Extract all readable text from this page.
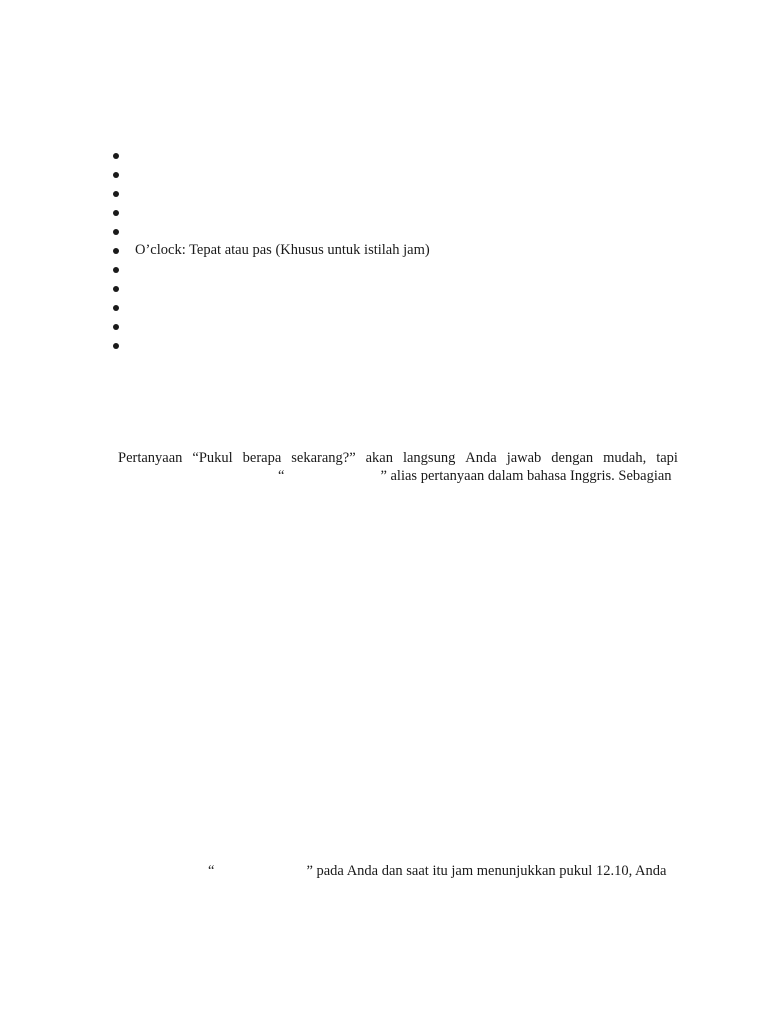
O’clock: Tepat atau pas (Khusus untuk istilah jam)
Pertanyaan “Pukul berapa sekarang?” akan langsung Anda jawab dengan mudah, tapi
“	” alias pertanyaan dalam bahasa Inggris. Sebagian
“	” pada Anda dan saat itu jam menunjukkan pukul 12.10, Anda
